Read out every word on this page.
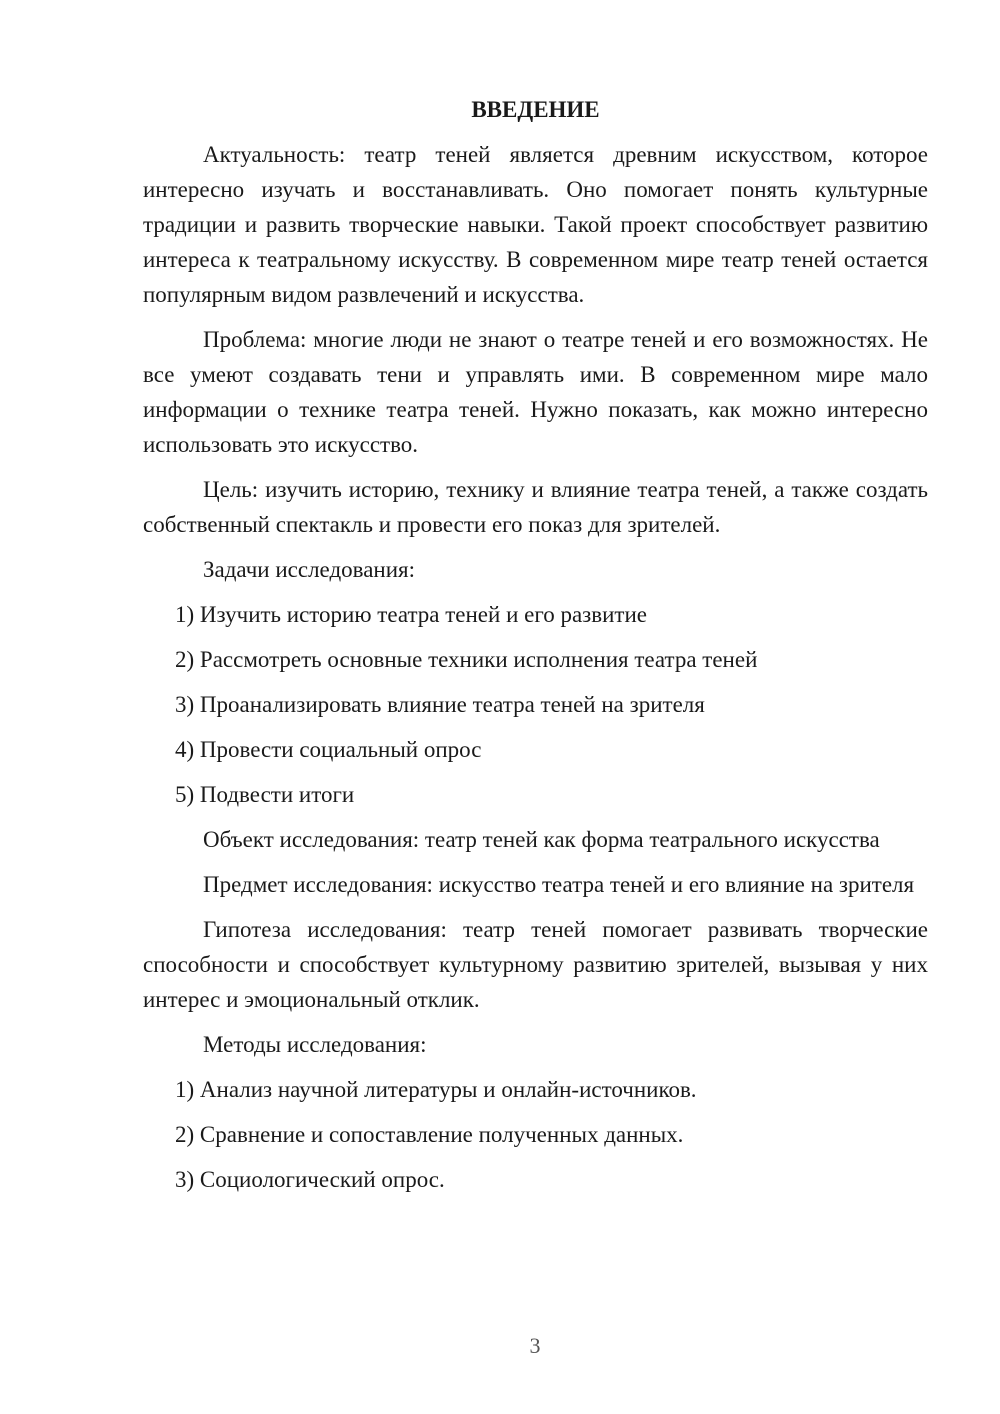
ВВЕДЕНИЕ

Актуальность: театр теней является древним искусством, которое интересно изучать и восстанавливать. Оно помогает понять культурные традиции и развить творческие навыки. Такой проект способствует развитию интереса к театральному искусству. В современном мире театр теней остается популярным видом развлечений и искусства.

Проблема: многие люди не знают о театре теней и его возможностях. Не все умеют создавать тени и управлять ими. В современном мире мало информации о технике театра теней. Нужно показать, как можно интересно использовать это искусство.

Цель: изучить историю, технику и влияние театра теней, а также создать собственный спектакль и провести его показ для зрителей.

Задачи исследования:

1) Изучить историю театра теней и его развитие

2) Рассмотреть основные техники исполнения театра теней

3) Проанализировать влияние театра теней на зрителя

4) Провести социальный опрос

5) Подвести итоги

Объект исследования: театр теней как форма театрального искусства

Предмет исследования: искусство театра теней и его влияние на зрителя

Гипотеза исследования: театр теней помогает развивать творческие способности и способствует культурному развитию зрителей, вызывая у них интерес и эмоциональный отклик.

Методы исследования:

1) Анализ научной литературы и онлайн-источников.

2) Сравнение и сопоставление полученных данных.

3) Социологический опрос.

3
